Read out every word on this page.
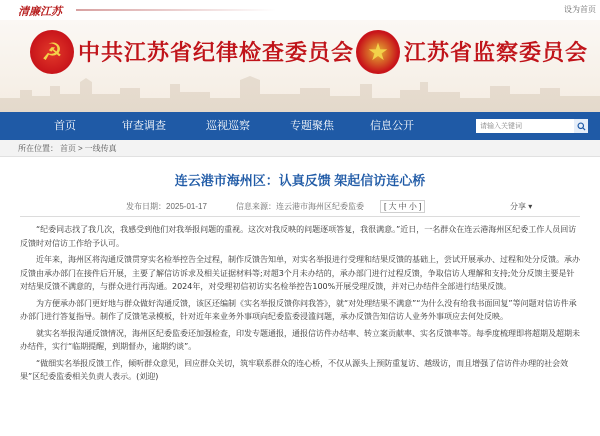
清廉江苏	设为首页
☭ 中共江苏省纪律检查委员会 ★ 江苏省监察委员会
首页	审查调查	巡视巡察	专题聚焦	信息公开	请输入关键词
所在位置： 首页 > 一线传真
连云港市海州区：认真反馈 架起信访连心桥
发布日期：2025-01-17	信息来源：连云港市海州区纪委监委	[ 大 中 小 ]	分享 ▾

“纪委同志找了我几次，我感受到他们对我举报问题的重视。这次对我反映的问题逐项答复，我很满意。”近日，一名群众在连云港海州区纪委工作人员回访反馈时对信访工作给予认可。

近年来，海州区将沟通反馈贯穿实名检举控告全过程，制作反馈告知单，对实名举报进行受理和结果反馈的基础上，尝试开展承办、过程和处分反馈。承办反馈由承办部门在接件后开展，主要了解信访诉求及相关证据材料等;对超3个月未办结的，承办部门进行过程反馈，争取信访人理解和支持;处分反馈主要是针对结果反馈不满意的，与群众进行再沟通。2024年，对受理初信初访实名检举控告100%开展受理反馈，并对已办结件全部进行结果反馈。

为方便承办部门更好地与群众做好沟通反馈，该区还编制《实名举报反馈你问我答》，就“对处理结果不满意”“为什么没有给我书面回复”等问题对信访件承办部门进行答复指导。制作了反馈笔录模板，针对近年来业务外事项向纪委监委浸滥问题，承办反馈告知信访人业务外事项应去何处反映。

就实名举报沟通反馈情况，海州区纪委监委还加强检查，印发专题通报，通报信访件办结率、转立案贡献率、实名反馈率等。每季度梳理即将超期及超期未办结件，实行“临期提醒，到期督办，逾期约谈”。

“做细实名举报反馈工作，倾听群众意见，回应群众关切，筑牢联系群众的连心桥，不仅从源头上预防重复访、越级访，而且增强了信访件办理的社会效果”区纪委监委相关负责人表示。(刘迎)
